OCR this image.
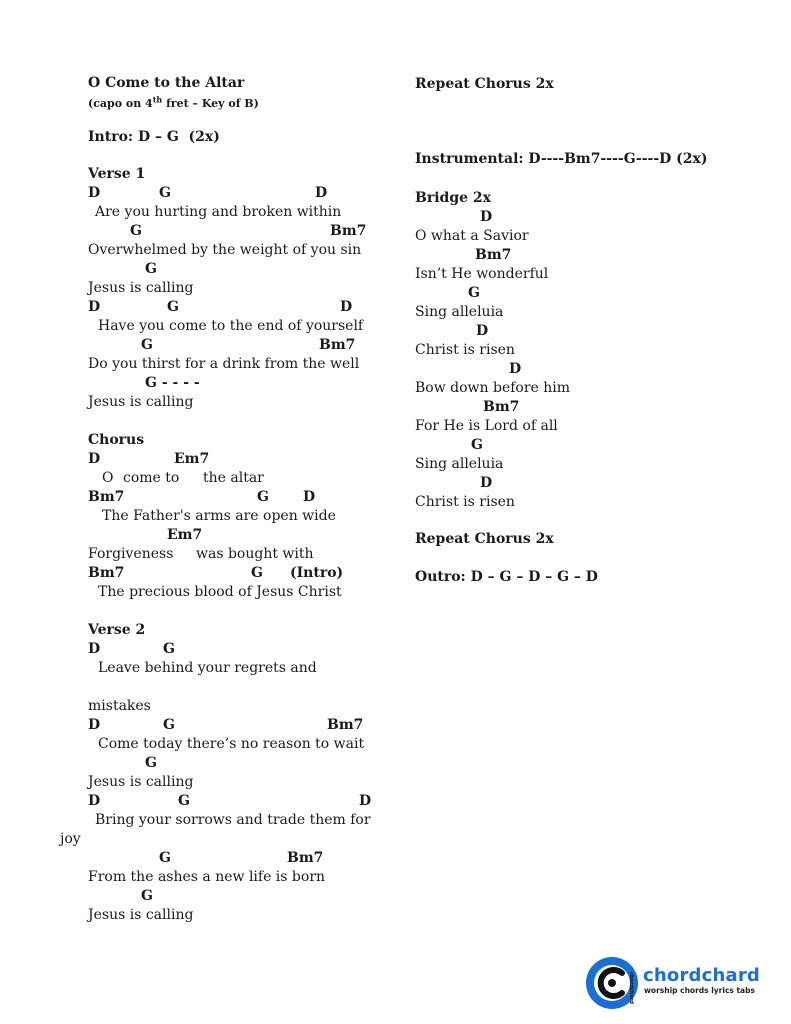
O Come to the Altar
(capo on 4th fret – Key of B)
Intro: D – G  (2x)
Verse 1
D	G	D
Are you hurting and broken within
G	Bm7
Overwhelmed by the weight of you sin
G
Jesus is calling
D	G	D
Have you come to the end of yourself
G	Bm7
Do you thirst for a drink from the well
G - - - -
Jesus is calling
Chorus
D	Em7
O come to the altar
Bm7	G D
The Father's arms are open wide
Em7
Forgiveness was bought with
Bm7	G (Intro)
The precious blood of Jesus Christ
Verse 2
D	G
Leave behind your regrets and
mistakes
D	G	Bm7
Come today there’s no reason to wait
G
Jesus is calling
D	G	D
Bring your sorrows and trade them for
joy
G	Bm7
From the ashes a new life is born
G
Jesus is calling
Repeat Chorus 2x
Instrumental: D----Bm7----G----D (2x)
Bridge 2x
D
O what a Savior
Bm7
Isn’t He wonderful
G
Sing alleluia
D
Christ is risen
D
Bow down before him
Bm7
For He is Lord of all
G
Sing alleluia
D
Christ is risen
Repeat Chorus 2x
Outro: D – G – D – G – D
chordchard chordchard
worship chords lyrics tabs
